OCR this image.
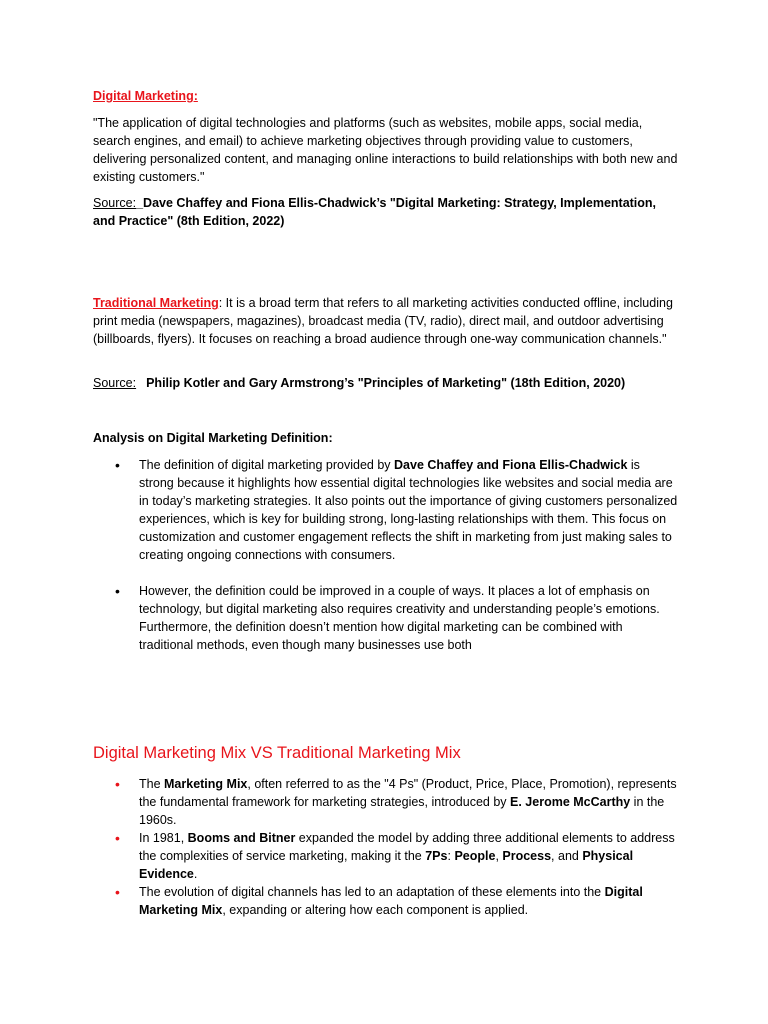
Digital Marketing:

"The application of digital technologies and platforms (such as websites, mobile apps, social media, search engines, and email) to achieve marketing objectives through providing value to customers, delivering personalized content, and managing online interactions to build relationships with both new and existing customers."

Source:_Dave Chaffey and Fiona Ellis-Chadwick’s "Digital Marketing: Strategy, Implementation, and Practice" (8th Edition, 2022)

Traditional Marketing: It is a broad term that refers to all marketing activities conducted offline, including print media (newspapers, magazines), broadcast media (TV, radio), direct mail, and outdoor advertising (billboards, flyers). It focuses on reaching a broad audience through one-way communication channels."

Source: Philip Kotler and Gary Armstrong’s "Principles of Marketing" (18th Edition, 2020)

Analysis on Digital Marketing Definition:

• The definition of digital marketing provided by Dave Chaffey and Fiona Ellis-Chadwick is strong because it highlights how essential digital technologies like websites and social media are in today’s marketing strategies. It also points out the importance of giving customers personalized experiences, which is key for building strong, long-lasting relationships with them. This focus on customization and customer engagement reflects the shift in marketing from just making sales to creating ongoing connections with consumers.
• However, the definition could be improved in a couple of ways. It places a lot of emphasis on technology, but digital marketing also requires creativity and understanding people’s emotions. Furthermore, the definition doesn’t mention how digital marketing can be combined with traditional methods, even though many businesses use both
Digital Marketing Mix VS Traditional Marketing Mix
• The Marketing Mix, often referred to as the "4 Ps" (Product, Price, Place, Promotion), represents the fundamental framework for marketing strategies, introduced by E. Jerome McCarthy in the 1960s.
• In 1981, Booms and Bitner expanded the model by adding three additional elements to address the complexities of service marketing, making it the 7Ps: People, Process, and Physical Evidence.
• The evolution of digital channels has led to an adaptation of these elements into the Digital Marketing Mix, expanding or altering how each component is applied.
